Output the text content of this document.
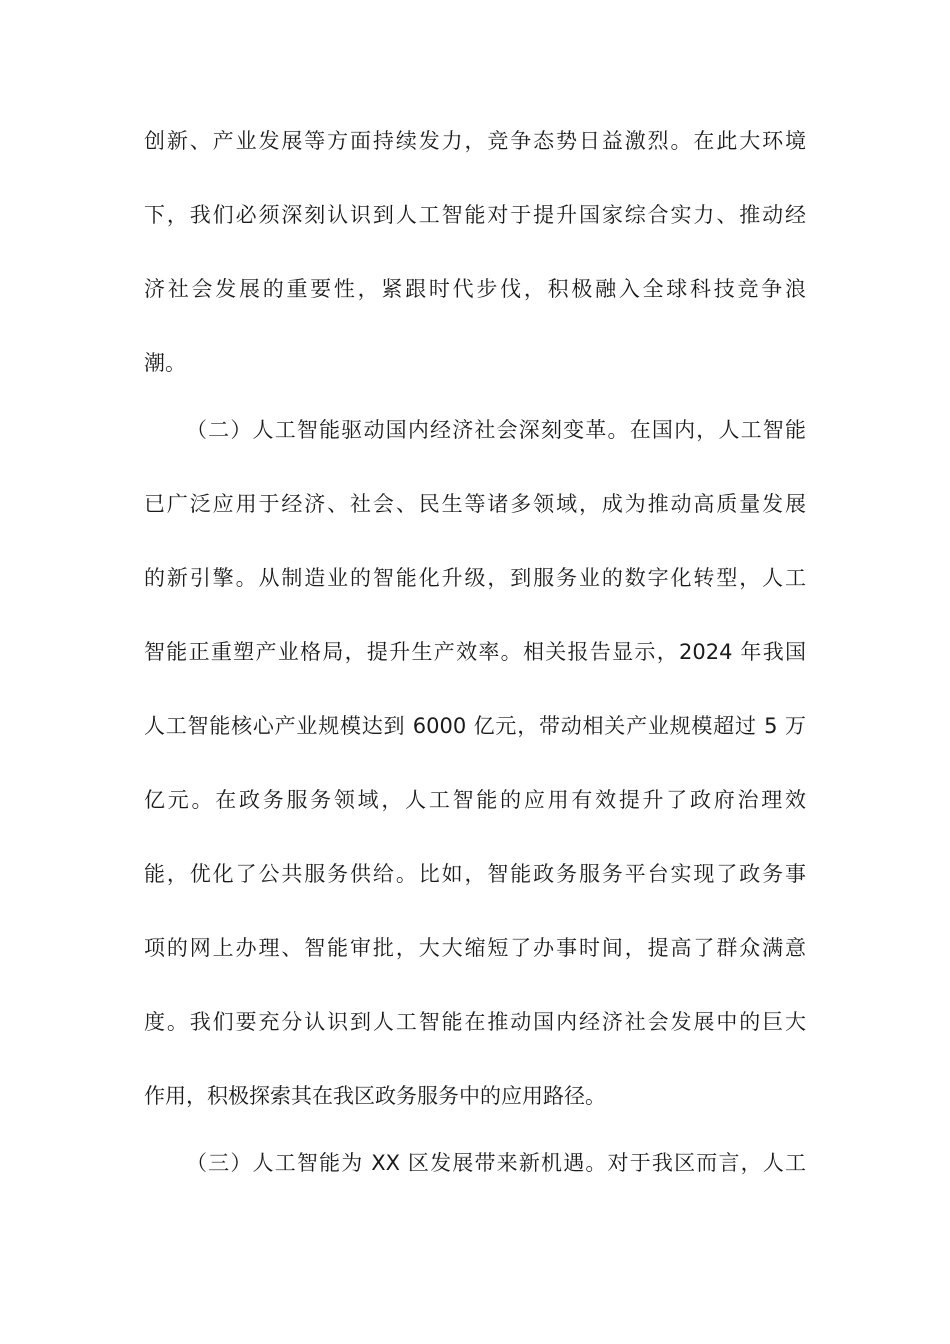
创新、产业发展等方面持续发力，竞争态势日益激烈。在此大环境

下，我们必须深刻认识到人工智能对于提升国家综合实力、推动经

济社会发展的重要性，紧跟时代步伐，积极融入全球科技竞争浪

潮。

（二）人工智能驱动国内经济社会深刻变革。在国内，人工智能

已广泛应用于经济、社会、民生等诸多领域，成为推动高质量发展

的新引擎。从制造业的智能化升级，到服务业的数字化转型，人工

智能正重塑产业格局，提升生产效率。相关报告显示，2024 年我国

人工智能核心产业规模达到 6000 亿元，带动相关产业规模超过 5 万

亿元。在政务服务领域，人工智能的应用有效提升了政府治理效

能，优化了公共服务供给。比如，智能政务服务平台实现了政务事

项的网上办理、智能审批，大大缩短了办事时间，提高了群众满意

度。我们要充分认识到人工智能在推动国内经济社会发展中的巨大

作用，积极探索其在我区政务服务中的应用路径。

（三）人工智能为 XX 区发展带来新机遇。对于我区而言，人工
